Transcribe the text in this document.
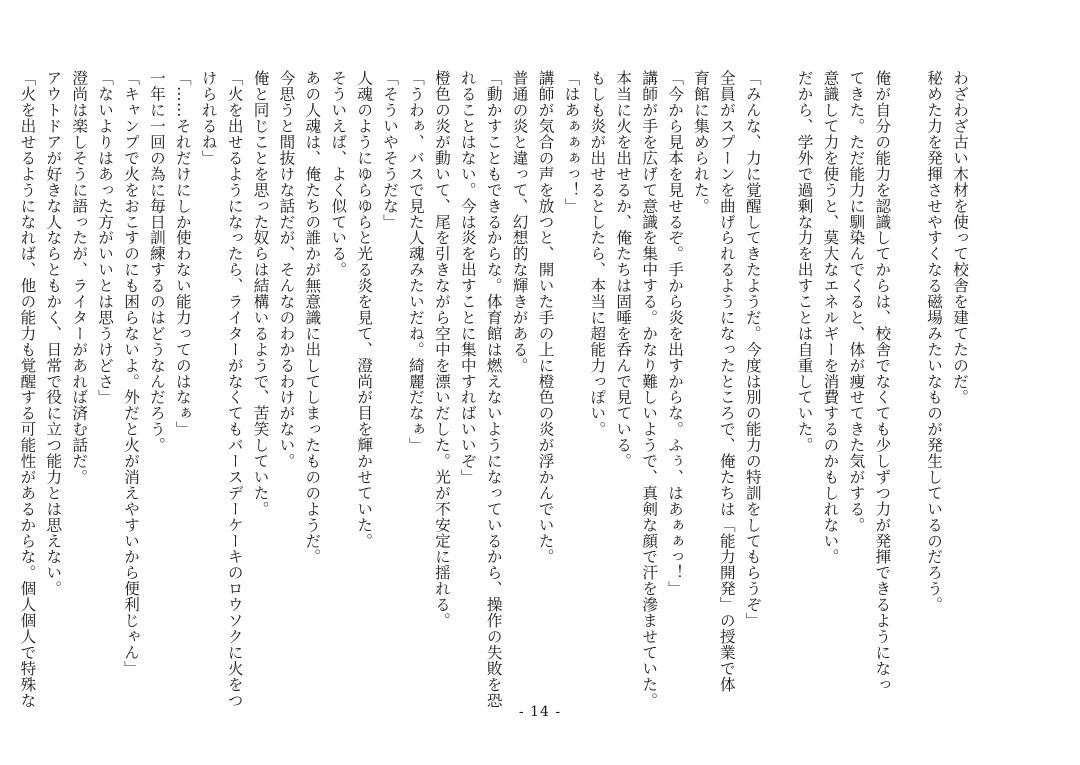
わざわざ古い木材を使って校舎を建てたのだ。
秘めた力を発揮させやすくなる磁場みたいなものが発生しているのだろう。

俺が自分の能力を認識してからは、校舎でなくても少しずつ力が発揮できるようになっ
てきた。ただ能力に馴染んでくると、体が痩せてきた気がする。
意識して力を使うと、莫大なエネルギーを消費するのかもしれない。
だから、学外で過剰な力を出すことは自重していた。

「みんな、力に覚醒してきたようだ。今度は別の能力の特訓をしてもらうぞ」
全員がスプーンを曲げられるようになったところで、俺たちは「能力開発」の授業で体
育館に集められた。
「今から見本を見せるぞ。手から炎を出すからな。ふぅ、はあぁぁっ！」
講師が手を広げて意識を集中する。かなり難しいようで、真剣な顔で汗を滲ませていた。
本当に火を出せるか、俺たちは固唾を呑んで見ている。
もしも炎が出せるとしたら、本当に超能力っぽい。
「はあぁぁぁっ！」
講師が気合の声を放つと、開いた手の上に橙色の炎が浮かんでいた。
普通の炎と違って、幻想的な輝きがある。
「動かすこともできるからな。体育館は燃えないようになっているから、操作の失敗を恐
れることはない。今は炎を出すことに集中すればいいぞ」
橙色の炎が動いて、尾を引きながら空中を漂いだした。光が不安定に揺れる。
「うわぁ、バスで見た人魂みたいだね。綺麗だなぁ」
「そういやそうだな」
人魂のようにゆらゆらと光る炎を見て、澄尚が目を輝かせていた。
そういえば、よく似ている。
あの人魂は、俺たちの誰かが無意識に出してしまったもののようだ。
今思うと間抜けな話だが、そんなのわかるわけがない。
俺と同じことを思った奴らは結構いるようで、苦笑していた。
「火を出せるようになったら、ライターがなくてもバースデーケーキのロウソクに火をつ
けられるね」
「……それだけにしか使わない能力ってのはなぁ」
一年に一回の為に毎日訓練するのはどうなんだろう。
「キャンプで火をおこすのにも困らないよ。外だと火が消えやすいから便利じゃん」
「ないよりはあった方がいいとは思うけどさ」
澄尚は楽しそうに語ったが、ライターがあれば済む話だ。
アウトドアが好きな人ならともかく、日常で役に立つ能力とは思えない。
「火を出せるようになれば、他の能力も覚醒する可能性があるからな。個人個人で特殊な
- 14 -
